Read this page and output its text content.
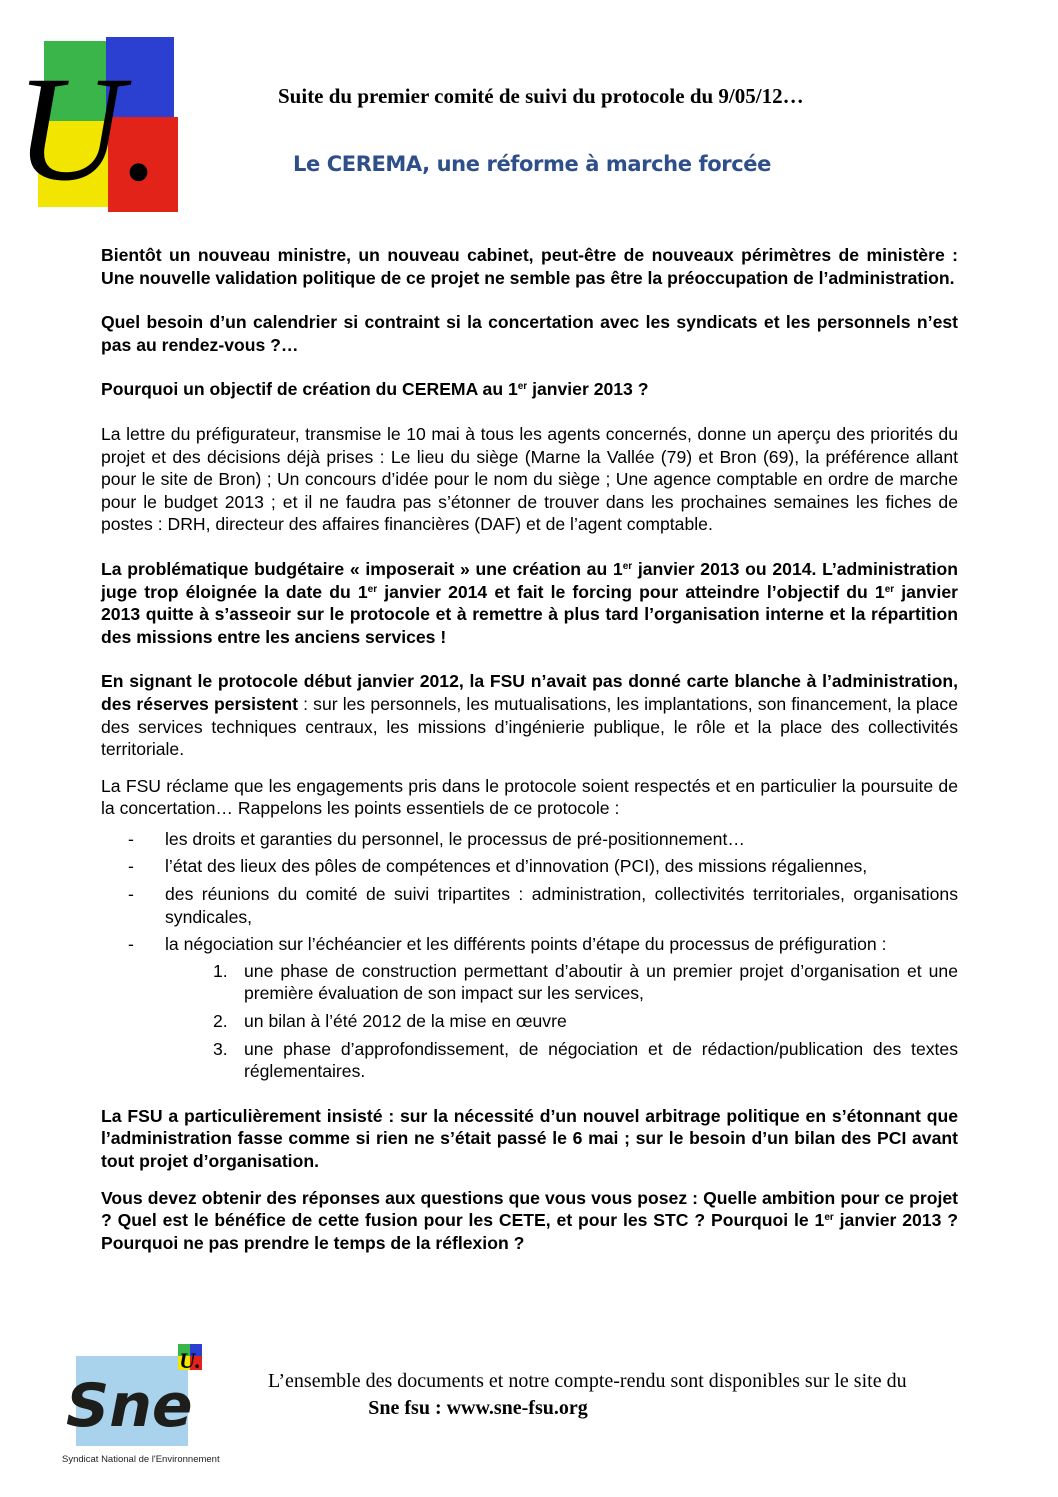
U.	Suite du premier comité de suivi du protocole du 9/05/12…
Le CEREMA, une réforme à marche forcée

Bientôt un nouveau ministre, un nouveau cabinet, peut-être de nouveaux périmètres de ministère : Une nouvelle validation politique de ce projet ne semble pas être la préoccupation de l’administration.

Quel besoin d’un calendrier si contraint si la concertation avec les syndicats et les personnels n’est pas au rendez-vous ?…

Pourquoi un objectif de création du CEREMA au 1er janvier 2013 ?

La lettre du préfigurateur, transmise le 10 mai à tous les agents concernés, donne un aperçu des priorités du projet et des décisions déjà prises : Le lieu du siège (Marne la Vallée (79) et Bron (69), la préférence allant pour le site de Bron) ; Un concours d’idée pour le nom du siège ; Une agence comptable en ordre de marche pour le budget 2013 ; et il ne faudra pas s’étonner de trouver dans les prochaines semaines les fiches de postes : DRH, directeur des affaires financières (DAF) et de l’agent comptable.

La problématique budgétaire « imposerait » une création au 1er janvier 2013 ou 2014. L’administration juge trop éloignée la date du 1er janvier 2014 et fait le forcing pour atteindre l’objectif du 1er janvier 2013 quitte à s’asseoir sur le protocole et à remettre à plus tard l’organisation interne et la répartition des missions entre les anciens services !

En signant le protocole début janvier 2012, la FSU n’avait pas donné carte blanche à l’administration, des réserves persistent : sur les personnels, les mutualisations, les implantations, son financement, la place des services techniques centraux, les missions d’ingénierie publique, le rôle et la place des collectivités territoriale.

La FSU réclame que les engagements pris dans le protocole soient respectés et en particulier la poursuite de la concertation… Rappelons les points essentiels de ce protocole :

- les droits et garanties du personnel, le processus de pré-positionnement…
- l’état des lieux des pôles de compétences et d’innovation (PCI), des missions régaliennes,
- des réunions du comité de suivi tripartites : administration, collectivités territoriales, organisations syndicales,
- la négociation sur l’échéancier et les différents points d’étape du processus de préfiguration :
1. une phase de construction permettant d’aboutir à un premier projet d’organisation et une première évaluation de son impact sur les services,
2. un bilan à l’été 2012 de la mise en œuvre
3. une phase d’approfondissement, de négociation et de rédaction/publication des textes réglementaires.

La FSU a particulièrement insisté : sur la nécessité d’un nouvel arbitrage politique en s’étonnant que l’administration fasse comme si rien ne s’était passé le 6 mai ; sur le besoin d’un bilan des PCI avant tout projet d’organisation.

Vous devez obtenir des réponses aux questions que vous vous posez : Quelle ambition pour ce projet ? Quel est le bénéfice de cette fusion pour les CETE, et pour les STC ? Pourquoi le 1er janvier 2013 ? Pourquoi ne pas prendre le temps de la réflexion ?

U.
Sne
Syndicat National de l'Environnement
L’ensemble des documents et notre compte-rendu sont disponibles sur le site du
Sne fsu : www.sne-fsu.org
